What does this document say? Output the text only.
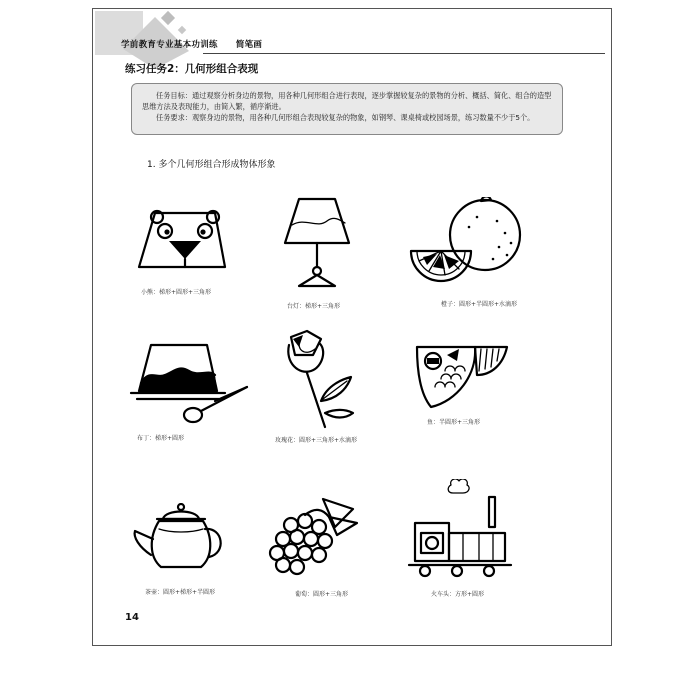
学前教育专业基本功训练 简笔画
练习任务2：几何形组合表现

任务目标：通过观察分析身边的景物，用各种几何形组合进行表现，逐步掌握较复杂的景物的分析、概括、简化、组合的造型思维方法及表现能力，由简入繁，循序渐进。

任务要求：观察身边的景物，用各种几何形组合表现较复杂的物象，如钢琴、课桌椅或校园场景，练习数量不少于5个。

1. 多个几何形组合形成物体形象
小熊：梯形+圆形+三角形
台灯：梯形+三角形	橙子：圆形+半圆形+水滴形
布丁：梯形+圆形	玫瑰花：圆形+三角形+水滴形
鱼：半圆形+三角形
茶壶：圆形+梯形+半圆形	葡萄：圆形+三角形	火车头：方形+圆形
14
